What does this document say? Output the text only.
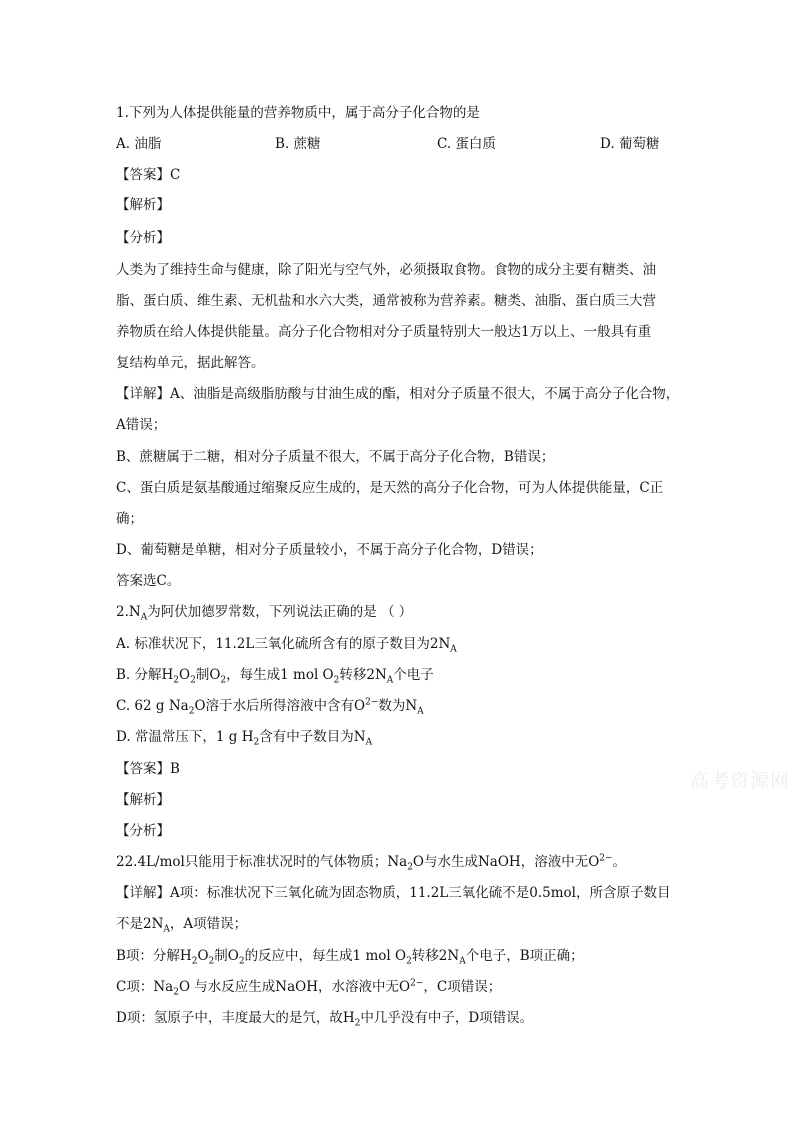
1.下列为人体提供能量的营养物质中，属于高分子化合物的是
A. 油脂	B. 蔗糖	C. 蛋白质	D. 葡萄糖
【答案】C
【解析】
【分析】
人类为了维持生命与健康，除了阳光与空气外，必须摄取食物。食物的成分主要有糖类、油
脂、蛋白质、维生素、无机盐和水六大类，通常被称为营养素。糖类、油脂、蛋白质三大营
养物质在给人体提供能量。高分子化合物相对分子质量特别大一般达1万以上、一般具有重
复结构单元，据此解答。
【详解】A、油脂是高级脂肪酸与甘油生成的酯，相对分子质量不很大，不属于高分子化合物，
A错误；
B、蔗糖属于二糖，相对分子质量不很大，不属于高分子化合物，B错误；
C、蛋白质是氨基酸通过缩聚反应生成的，是天然的高分子化合物，可为人体提供能量，C正
确；
D、葡萄糖是单糖，相对分子质量较小，不属于高分子化合物，D错误；
答案选C。
$2.N_A$为阿伏加德罗常数，下列说法正确的是 （ ）
A. 标准状况下，11.2L三氧化硫所含有的原子数目为$2N_A$
B. 分解$H_2O_2$制$O_2$，每生成1 mol $O_2$转移$2N_A$个电子
C. 62 g $Na_2O$溶于水后所得溶液中含有$O^{2-}$数为$N_A$
D. 常温常压下，1 g $H_2$含有中子数目为$N_A$
【答案】B
【解析】
【分析】
22.4L/mol只能用于标准状况时的气体物质；$Na_2O$与水生成NaOH，溶液中无$O^{2-}$。
【详解】A项：标准状况下三氧化硫为固态物质，11.2L三氧化硫不是0.5mol，所含原子数目
不是$2N_A$，A项错误；
B项：分解$H_2O_2$制$O_2$的反应中，每生成1 mol $O_2$转移$2N_A$个电子，B项正确；
C项：$Na_2O$ 与水反应生成NaOH，水溶液中无$O^{2-}$，C项错误；
D项：氢原子中，丰度最大的是氕，故$H_2$中几乎没有中子，D项错误。
高考资源网
